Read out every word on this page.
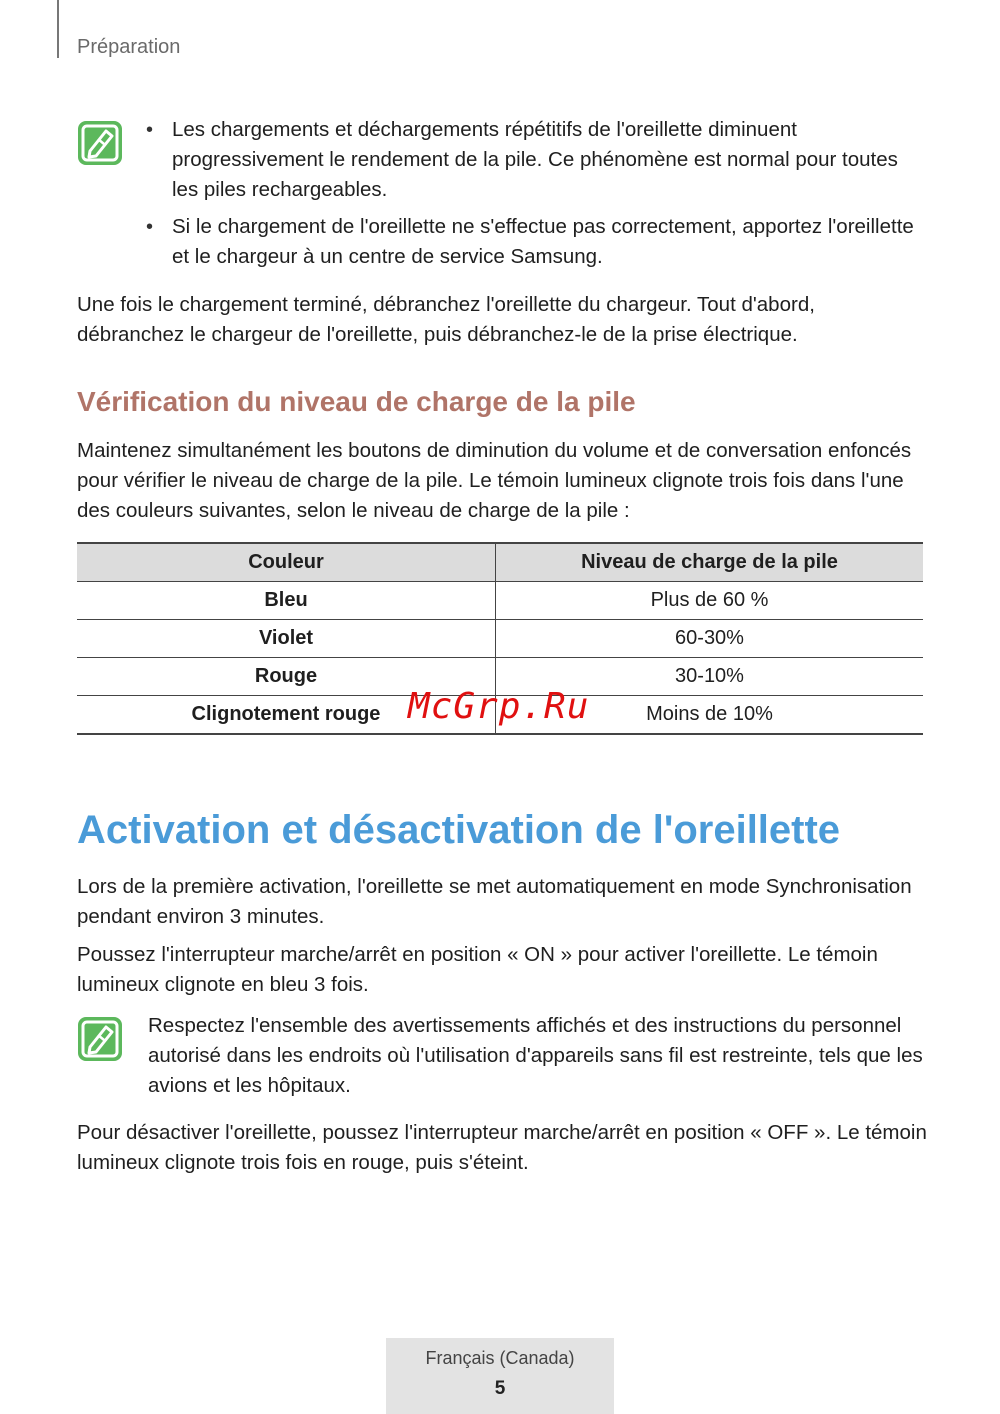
Préparation
• Les chargements et déchargements répétitifs de l'oreillette diminuent progressivement le rendement de la pile. Ce phénomène est normal pour toutes les piles rechargeables.
• Si le chargement de l'oreillette ne s'effectue pas correctement, apportez l'oreillette et le chargeur à un centre de service Samsung.
Une fois le chargement terminé, débranchez l'oreillette du chargeur. Tout d'abord, débranchez le chargeur de l'oreillette, puis débranchez-le de la prise électrique.
Vérification du niveau de charge de la pile
Maintenez simultanément les boutons de diminution du volume et de conversation enfoncés pour vérifier le niveau de charge de la pile. Le témoin lumineux clignote trois fois dans l'une des couleurs suivantes, selon le niveau de charge de la pile :
Couleur	Niveau de charge de la pile
Bleu	Plus de 60 %
Violet	60-30%
Rouge	30-10%
Clignotement rouge	Moins de 10%
McGrp.Ru
Activation et désactivation de l'oreillette
Lors de la première activation, l'oreillette se met automatiquement en mode Synchronisation pendant environ 3 minutes.
Poussez l'interrupteur marche/arrêt en position « ON » pour activer l'oreillette. Le témoin lumineux clignote en bleu 3 fois.
Respectez l'ensemble des avertissements affichés et des instructions du personnel autorisé dans les endroits où l'utilisation d'appareils sans fil est restreinte, tels que les avions et les hôpitaux.
Pour désactiver l'oreillette, poussez l'interrupteur marche/arrêt en position « OFF ». Le témoin lumineux clignote trois fois en rouge, puis s'éteint.
Français (Canada)
5
